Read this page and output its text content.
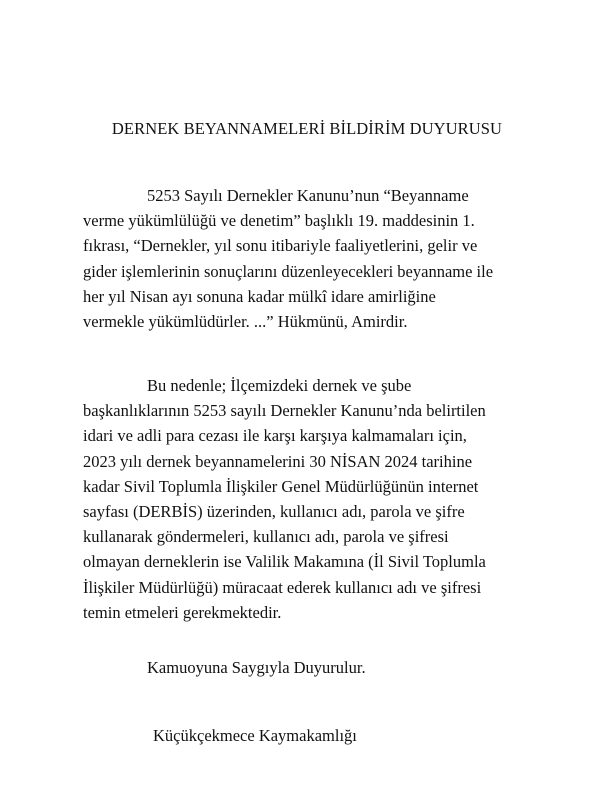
DERNEK BEYANNAMELERİ BİLDİRİM DUYURUSU

5253 Sayılı Dernekler Kanunu’nun “Beyanname
verme yükümlülüğü ve denetim” başlıklı 19. maddesinin 1.
fıkrası, “Dernekler, yıl sonu itibariyle faaliyetlerini, gelir ve
gider işlemlerinin sonuçlarını düzenleyecekleri beyanname ile
her yıl Nisan ayı sonuna kadar mülkî idare amirliğine
vermekle yükümlüdürler. ...” Hükmünü, Amirdir.

Bu nedenle; İlçemizdeki dernek ve şube
başkanlıklarının 5253 sayılı Dernekler Kanunu’nda belirtilen
idari ve adli para cezası ile karşı karşıya kalmamaları için,
2023 yılı dernek beyannamelerini 30 NİSAN 2024 tarihine
kadar Sivil Toplumla İlişkiler Genel Müdürlüğünün internet
sayfası (DERBİS) üzerinden, kullanıcı adı, parola ve şifre
kullanarak göndermeleri, kullanıcı adı, parola ve şifresi
olmayan derneklerin ise Valilik Makamına (İl Sivil Toplumla
İlişkiler Müdürlüğü) müracaat ederek kullanıcı adı ve şifresi
temin etmeleri gerekmektedir.

Kamuoyuna Saygıyla Duyurulur.

Küçükçekmece Kaymakamlığı
